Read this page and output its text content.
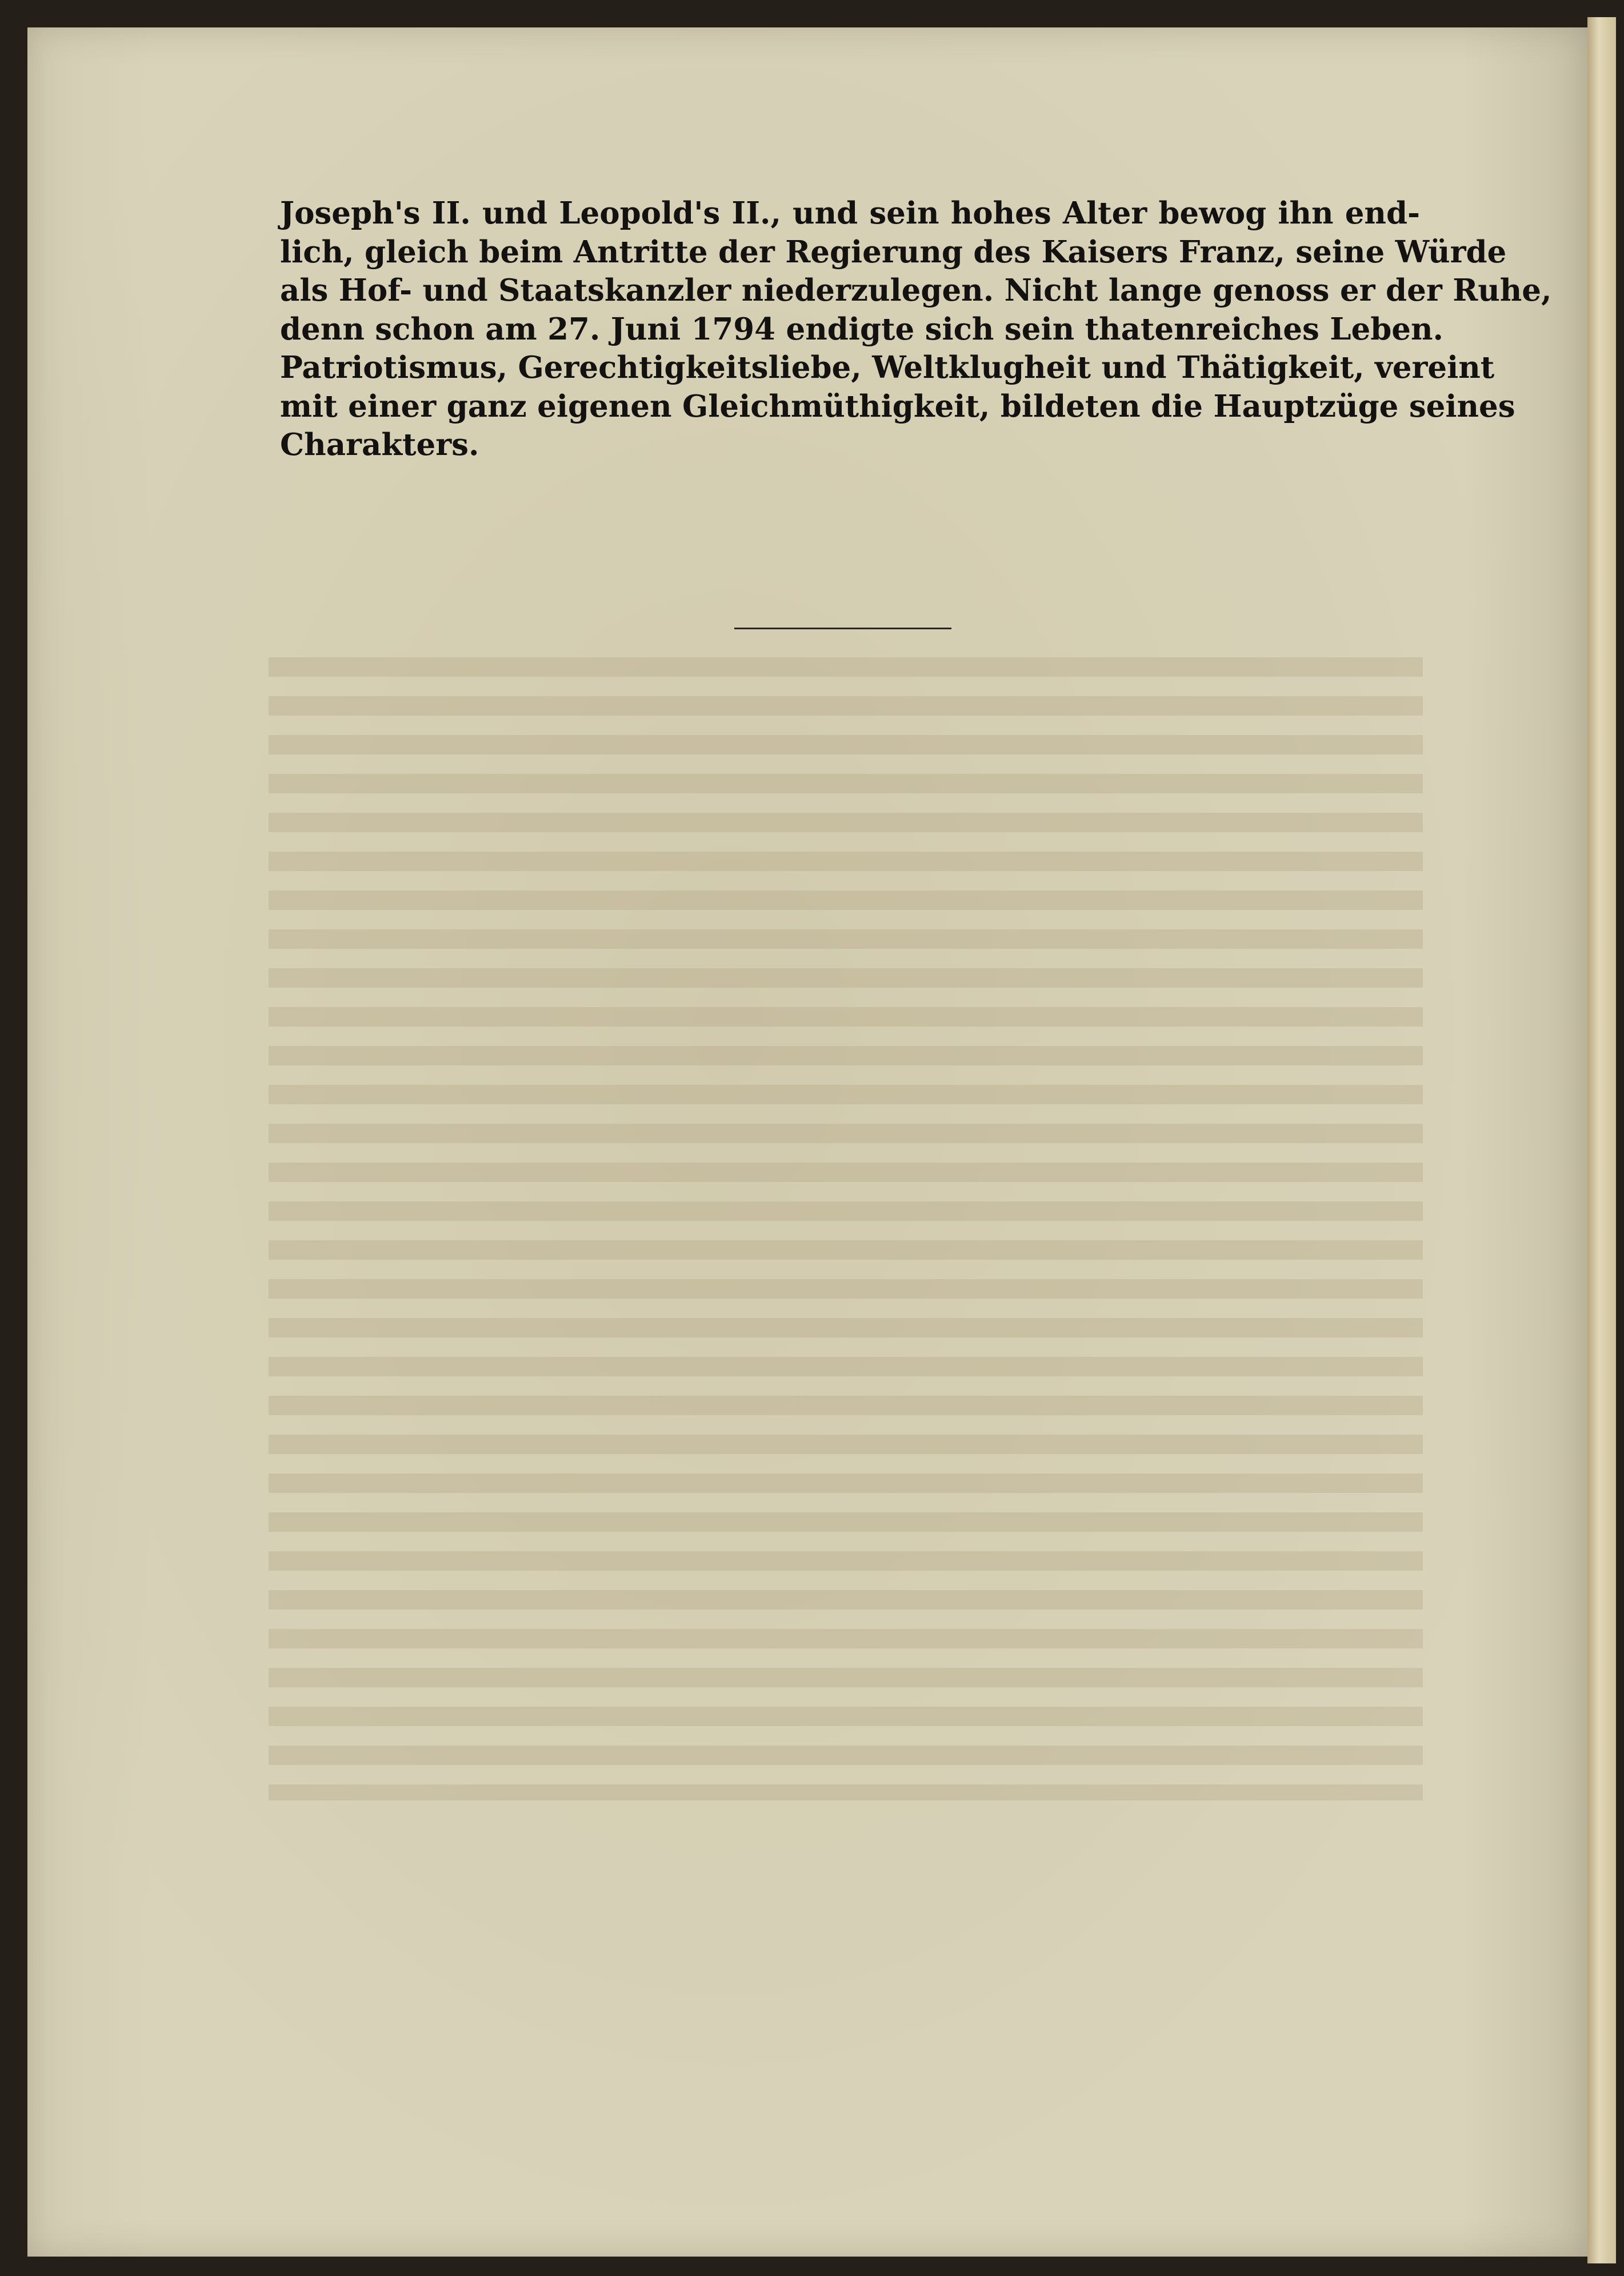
Joseph's II. und Leopold's II., und sein hohes Alter bewog ihn end-
lich, gleich beim Antritte der Regierung des Kaisers Franz, seine Würde
als Hof- und Staatskanzler niederzulegen. Nicht lange genoss er der Ruhe,
denn schon am 27. Juni 1794 endigte sich sein thatenreiches Leben.
Patriotismus, Gerechtigkeitsliebe, Weltklugheit und Thätigkeit, vereint
mit einer ganz eigenen Gleichmüthigkeit, bildeten die Hauptzüge seines
Charakters.
